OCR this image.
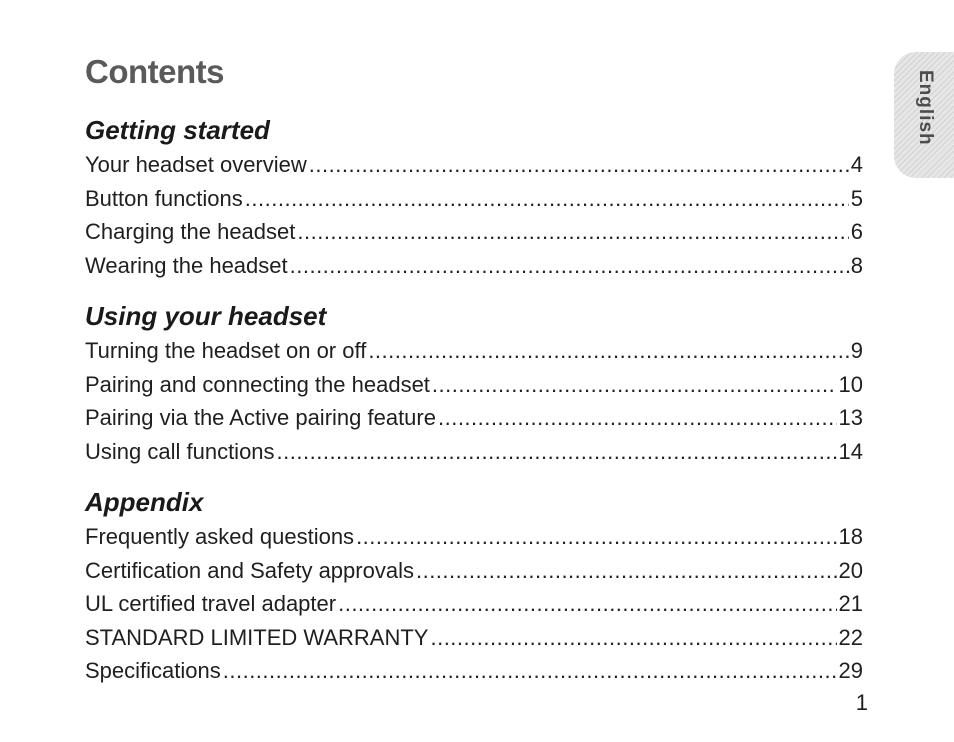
Contents	English
Getting started
Your headset overview .....	4
Button functions .....	5
Charging the headset .....	6
Wearing the headset .....	8
Using your headset
Turning the headset on or off .....	9
Pairing and connecting the headset .....	10
Pairing via the Active pairing feature .....	13
Using call functions .....	14
Appendix
Frequently asked questions .....	18
Certification and Safety approvals .....	20
UL certified travel adapter .....	21
STANDARD LIMITED WARRANTY .....	22
Specifications .....	29
1
